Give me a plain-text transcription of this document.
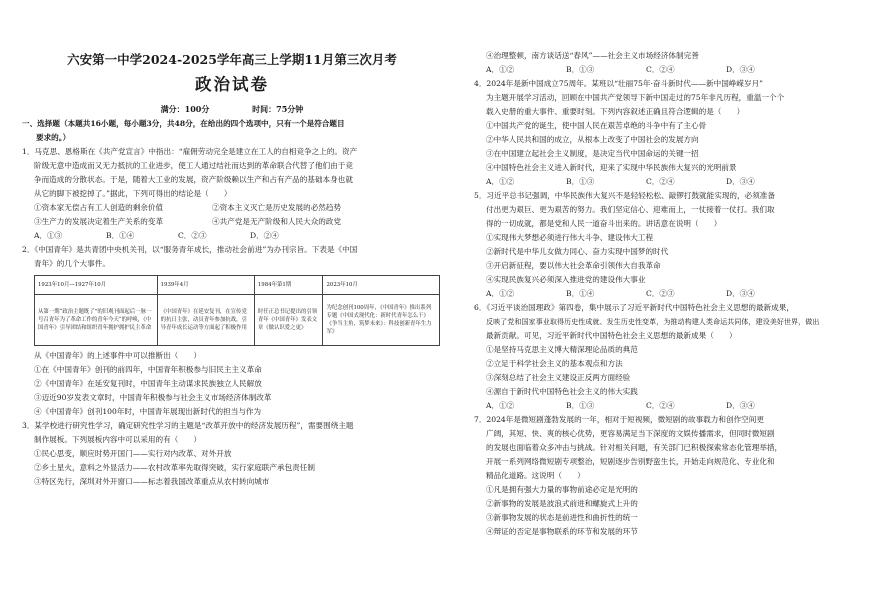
六安第一中学2024-2025学年高三上学期11月第三次月考
政治试卷
满分：100分	时间：75分钟
一、选择题（本题共16小题，每小题3分，共48分，在给出的四个选项中，只有一个是符合题目
要求的。）
1．马克思、恩格斯在《共产党宣言》中指出：“雇佣劳动完全是建立在工人的自相竞争之上的。资产
阶级无意中造成而又无力抵抗的工业进步，使工人通过结社而达到的革命联合代替了他们由于竞
争而造成的分散状态。于是，随着大工业的发展，资产阶级赖以生产和占有产品的基础本身也就
从它的脚下被挖掉了。”据此，下列可得出的结论是（　　）
①资本家无偿占有工人创造的剩余价值	②资本主义灭亡是历史发展的必然趋势
③生产力的发展决定着生产关系的变革	④共产党是无产阶级和人民大众的政党
A．①③	B．①④	C．②③	D．②④
2．《中国青年》是共青团中央机关刊，以“服务青年成长，推动社会前进”为办刊宗旨。下表是《中国
青年》的几个大事件。
1923年10月—1927年10月	1939年4月	1984年第1期	2023年10月
从第一期“政治主题既了”的旧观刊面起后一脉一号召青年为了革命工作的青年今天“的呼唤，《中国青年》引导团结和组织青年拥护拥护民主革命	《中国青年》在延安复刊，在宣传党的抗日主张，动员青年参加抗战，引导青年成长运动等方面起了积极作用	时任正总书记提出的引领青年《中国青年》发表文章《做认识爱之更》	为纪念创刊100周年，《中国青年》推出系列专题《中国式现代化：新时代青年怎么干》《争当主角，筑梦未来》：科技创新青年生力军》
从《中国青年》的上述事件中可以推断出（　　）
①在《中国青年》创刊的前四年，中国青年积极参与旧民主主义革命
②《中国青年》在延安复刊时，中国青年主动谋求民族独立人民解放
③迈近90岁发表文章时，中国青年积极参与社会主义市场经济体制改革
④《中国青年》创刊100年时，中国青年展现出新时代的担当与作为
3．某学校进行研究性学习，确定研究性学习的主题是“改革开放中的经济发展历程”，需要围绕主题
制作展板。下列展板内容中可以采用的有（　　）
①民心思变，顺应时势开国门——实行对内改革、对外开放
②乡土星火，意料之外显活力——农村改革率先取得突破，实行家庭联产承包责任制
③特区先行，深圳对外开窗口——标志着我国改革重点从农村转向城市
④治理整顿，南方谈话送“春风”——社会主义市场经济体制完善
A．①②	B．①③	C．②④	D．③④
4．2024年是新中国成立75周年。某班以“壮丽75年·奋斗新时代——新中国峥嵘岁月”
为主题开展学习活动，回顾在中国共产党领导下新中国走过的75年非凡历程，重温一个个
载入史册的重大事件、重要时刻。下列内容叙述正确且符合逻辑的是（　　）
①中国共产党的诞生，使中国人民在艰苦卓绝的斗争中有了主心骨
②中华人民共和国的成立，从根本上改变了中国社会的发展方向
③在中国建立起社会主义制度，是决定当代中国命运的关键一招
④中国特色社会主义进入新时代，迎来了实现中华民族伟大复兴的光明前景
A．①②	B．①③	C．②④	D．③④
5．习近平总书记强调，中华民族伟大复兴不是轻轻松松、敲锣打鼓就能实现的，必须准备
付出更为艰巨、更为艰苦的努力。我们坚定信心、迎难而上，一仗接着一仗打。我们取
得的一切成就，都是党和人民一道奋斗出来的。讲话意在说明（　　）
①实现伟大梦想必须进行伟大斗争、建设伟大工程
②新时代是中华儿女做力同心、奋力实现中国梦的时代
③开启新征程，要以伟大社会革命引领伟大自我革命
④实现民族复兴必须深入推进党的建设伟大事业
A．①②	B．①④	C．②③	D．③④
6．《习近平谈治国理政》第四卷，集中展示了习近平新时代中国特色社会主义思想的最新成果，
反映了党和国家事业取得历史性成就、发生历史性变革，为推动构建人类命运共同体，建设美好世界，做出
最新贡献。可见，习近平新时代中国特色社会主义思想的最新成果（　　）
①是坚持马克思主义博大精深理论品质的典范
②立足于科学社会主义的基本观点和方法
③深刻总结了社会主义建设正反两方面经验
④源自于新时代中国特色社会主义的伟大实践
A．①②	B．①③	C．②④	D．③④
7．2024年是微短剧蓬勃发展的一年，相对于短视频，微短剧的故事载力和创作空间更
广阔，其短、快、爽的核心优势，更容易满足当下深度的文娱传播需求，但同时微短剧
的发展也面临着众多冲击与挑战。针对相关问题，有关部门已积极探索常态化管理举措，
开展一系列网络微短剧专项整治，短剧逐步告别野蛮生长，开始走向规范化、专业化和
精品化道路。这说明（　　）
①凡是拥有强大力量的事物前途必定是光明的
②新事物的发展是波浪式前进和螺旋式上升的
③新事物发展的状态是前进性和曲折性的统一
④辩证的否定是事物联系的环节和发展的环节
